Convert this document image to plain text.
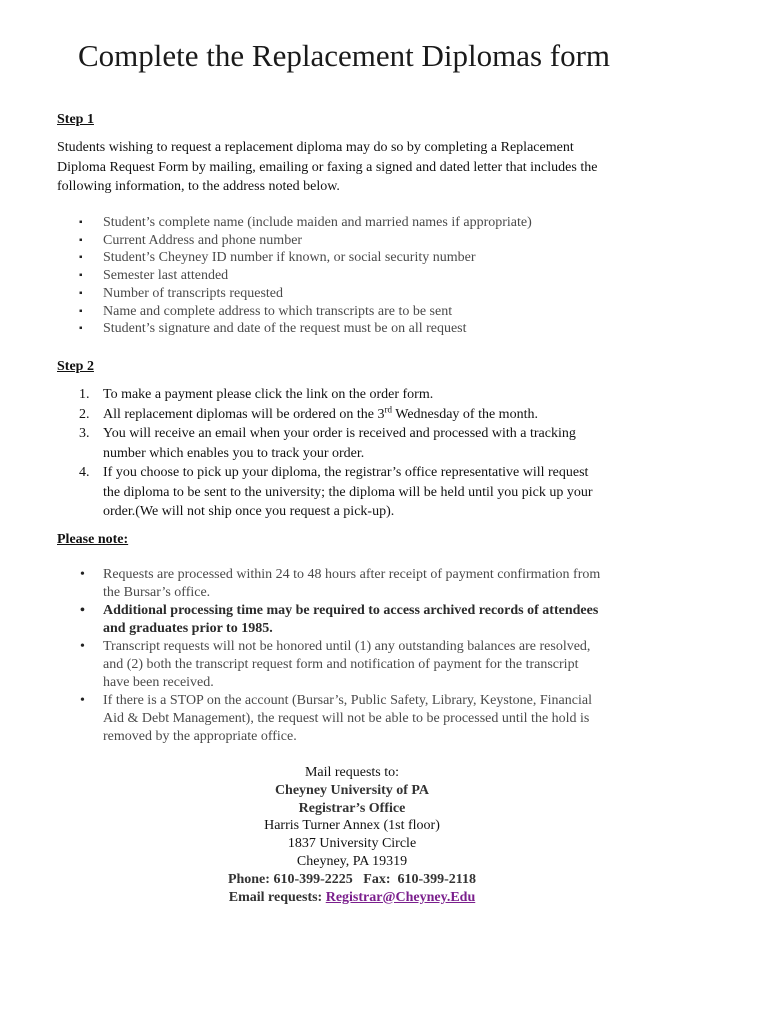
Complete the Replacement Diplomas form
Step 1
Students wishing to request a replacement diploma may do so by completing a Replacement
Diploma Request Form by mailing, emailing or faxing a signed and dated letter that includes the
following information, to the address noted below.
▪ Student’s complete name (include maiden and married names if appropriate)
▪ Current Address and phone number
▪ Student’s Cheyney ID number if known, or social security number
▪ Semester last attended
▪ Number of transcripts requested
▪ Name and complete address to which transcripts are to be sent
▪ Student’s signature and date of the request must be on all request
Step 2
1. To make a payment please click the link on the order form.
2. All replacement diplomas will be ordered on the 3rd Wednesday of the month.
3. You will receive an email when your order is received and processed with a tracking
number which enables you to track your order.
4. If you choose to pick up your diploma, the registrar’s office representative will request
the diploma to be sent to the university; the diploma will be held until you pick up your
order.(We will not ship once you request a pick-up).
Please note:
• Requests are processed within 24 to 48 hours after receipt of payment confirmation from
the Bursar’s office.
• Additional processing time may be required to access archived records of attendees
and graduates prior to 1985.
• Transcript requests will not be honored until (1) any outstanding balances are resolved,
and (2) both the transcript request form and notification of payment for the transcript
have been received.
• If there is a STOP on the account (Bursar’s, Public Safety, Library, Keystone, Financial
Aid & Debt Management), the request will not be able to be processed until the hold is
removed by the appropriate office.
Mail requests to:
Cheyney University of PA
Registrar’s Office
Harris Turner Annex (1st floor)
1837 University Circle
Cheyney, PA 19319
Phone: 610-399-2225 Fax: 610-399-2118
Email requests: Registrar@Cheyney.Edu
